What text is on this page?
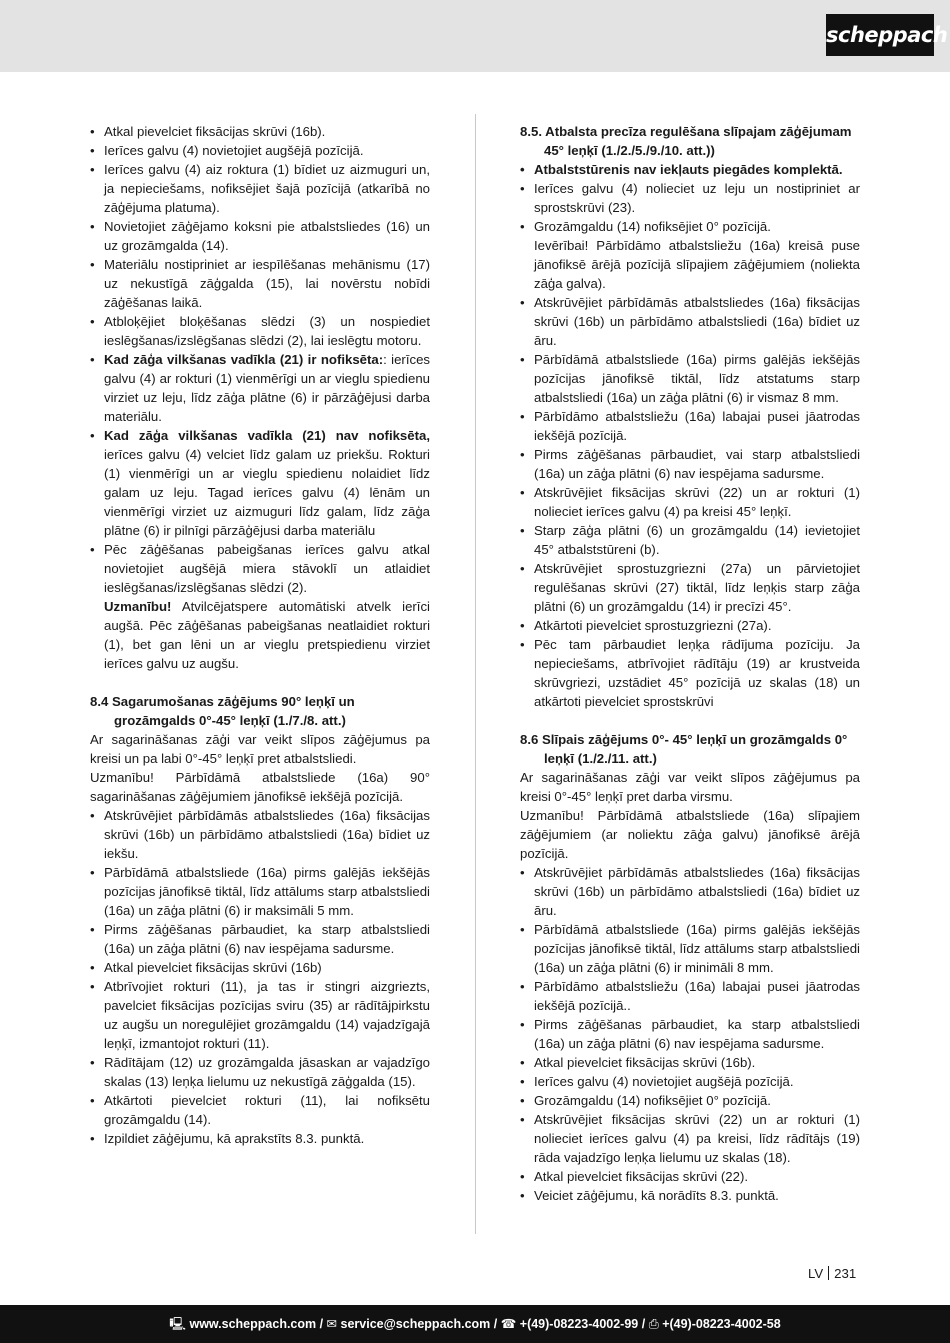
scheppach
• Atkal pievelciet fiksācijas skrūvi (16b).
• Ierīces galvu (4) novietojiet augšējā pozīcijā.
• Ierīces galvu (4) aiz roktura (1) bīdiet uz aizmuguri un, ja nepieciešams, nofiksējiet šajā pozīcijā (atkarībā no zāģējuma platuma).
• Novietojiet zāģējamo koksni pie atbalstsliedes (16) un uz grozāmgalda (14).
• Materiālu nostipriniet ar iespīlēšanas mehānismu (17) uz nekustīgā zāģgalda (15), lai novērstu nobīdi zāģēšanas laikā.
• Atbloķējiet bloķēšanas slēdzi (3) un nospiediet ieslēgšanas/izslēgšanas slēdzi (2), lai ieslēgtu motoru.
• Kad zāģa vilkšanas vadīkla (21) ir nofiksēta:: ierīces galvu (4) ar rokturi (1) vienmērīgi un ar vieglu spiedienu virziet uz leju, līdz zāģa plātne (6) ir pārzāģējusi darba materiālu.
• Kad zāģa vilkšanas vadīkla (21) nav nofiksēta, ierīces galvu (4) velciet līdz galam uz priekšu. Rokturi (1) vienmērīgi un ar vieglu spiedienu nolaidiet līdz galam uz leju. Tagad ierīces galvu (4) lēnām un vienmērīgi virziet uz aizmuguri līdz galam, līdz zāģa plātne (6) ir pilnīgi pārzāģējusi darba materiālu
• Pēc zāģēšanas pabeigšanas ierīces galvu atkal novietojiet augšējā miera stāvoklī un atlaidiet ieslēgšanas/izslēgšanas slēdzi (2).
Uzmanību! Atvilcējatspere automātiski atvelk ierīci augšā. Pēc zāģēšanas pabeigšanas neatlaidiet rokturi (1), bet gan lēni un ar vieglu pretspiedienu virziet ierīces galvu uz augšu.
8.4 Sagarumošanas zāģējums 90° leņķī un grozāmgalds 0°-45° leņķī (1./7./8. att.)

Ar sagarināšanas zāģi var veikt slīpos zāģējumus pa kreisi un pa labi 0°-45° leņķī pret atbalstsliedi.

Uzmanību! Pārbīdāmā atbalstsliede (16a) 90° sagarināšanas zāģējumiem jānofiksē iekšējā pozīcijā.

• Atskrūvējiet pārbīdāmās atbalstsliedes (16a) fiksācijas skrūvi (16b) un pārbīdāmo atbalstsliedi (16a) bīdiet uz iekšu.
• Pārbīdāmā atbalstsliede (16a) pirms galējās iekšējās pozīcijas jānofiksē tiktāl, līdz attālums starp atbalstsliedi (16a) un zāģa plātni (6) ir maksimāli 5 mm.
• Pirms zāģēšanas pārbaudiet, ka starp atbalstsliedi (16a) un zāģa plātni (6) nav iespējama sadursme.
• Atkal pievelciet fiksācijas skrūvi (16b)
• Atbrīvojiet rokturi (11), ja tas ir stingri aizgriezts, pavelciet fiksācijas pozīcijas sviru (35) ar rādītājpirkstu uz augšu un noregulējiet grozāmgaldu (14) vajadzīgajā leņķī, izmantojot rokturi (11).
• Rādītājam (12) uz grozāmgalda jāsaskan ar vajadzīgo skalas (13) leņķa lielumu uz nekustīgā zāģgalda (15).
• Atkārtoti pievelciet rokturi (11), lai nofiksētu grozāmgaldu (14).
• Izpildiet zāģējumu, kā aprakstīts 8.3. punktā.
8.5. Atbalsta precīza regulēšana slīpajam zāģējumam 45° leņķī (1./2./5./9./10. att.))
• Atbalststūrenis nav iekļauts piegādes komplektā.
• Ierīces galvu (4) nolieciet uz leju un nostipriniet ar sprostskrūvi (23).
• Grozāmgaldu (14) nofiksējiet 0° pozīcijā.
Ievērībai! Pārbīdāmo atbalstsliežu (16a) kreisā puse jānofiksē ārējā pozīcijā slīpajiem zāģējumiem (noliekta zāģa galva).
• Atskrūvējiet pārbīdāmās atbalstsliedes (16a) fiksācijas skrūvi (16b) un pārbīdāmo atbalstsliedi (16a) bīdiet uz āru.
• Pārbīdāmā atbalstsliede (16a) pirms galējās iekšējās pozīcijas jānofiksē tiktāl, līdz atstatums starp atbalstsliedi (16a) un zāģa plātni (6) ir vismaz 8 mm.
• Pārbīdāmo atbalstsliežu (16a) labajai pusei jāatrodas iekšējā pozīcijā.
• Pirms zāģēšanas pārbaudiet, vai starp atbalstsliedi (16a) un zāģa plātni (6) nav iespējama sadursme.
• Atskrūvējiet fiksācijas skrūvi (22) un ar rokturi (1) nolieciet ierīces galvu (4) pa kreisi 45° leņķī.
• Starp zāģa plātni (6) un grozāmgaldu (14) ievietojiet 45° atbalststūreni (b).
• Atskrūvējiet sprostuzgriezni (27a) un pārvietojiet regulēšanas skrūvi (27) tiktāl, līdz leņķis starp zāģa plātni (6) un grozāmgaldu (14) ir precīzi 45°.
• Atkārtoti pievelciet sprostuzgriezni (27a).
• Pēc tam pārbaudiet leņķa rādījuma pozīciju. Ja nepieciešams, atbrīvojiet rādītāju (19) ar krustveida skrūvgriezi, uzstādiet 45° pozīcijā uz skalas (18) un atkārtoti pievelciet sprostskrūvi
8.6 Slīpais zāģējums 0°- 45° leņķī un grozāmgalds 0° leņķī (1./2./11. att.)

Ar sagarināšanas zāģi var veikt slīpos zāģējumus pa kreisi 0°-45° leņķī pret darba virsmu.

Uzmanību! Pārbīdāmā atbalstsliede (16a) slīpajiem zāģējumiem (ar noliektu zāģa galvu) jānofiksē ārējā pozīcijā.

• Atskrūvējiet pārbīdāmās atbalstsliedes (16a) fiksācijas skrūvi (16b) un pārbīdāmo atbalstsliedi (16a) bīdiet uz āru.
• Pārbīdāmā atbalstsliede (16a) pirms galējās iekšējās pozīcijas jānofiksē tiktāl, līdz attālums starp atbalstsliedi (16a) un zāģa plātni (6) ir minimāli 8 mm.
• Pārbīdāmo atbalstsliežu (16a) labajai pusei jāatrodas iekšējā pozīcijā..
• Pirms zāģēšanas pārbaudiet, ka starp atbalstsliedi (16a) un zāģa plātni (6) nav iespējama sadursme.
• Atkal pievelciet fiksācijas skrūvi (16b).
• Ierīces galvu (4) novietojiet augšējā pozīcijā.
• Grozāmgaldu (14) nofiksējiet 0° pozīcijā.
• Atskrūvējiet fiksācijas skrūvi (22) un ar rokturi (1) nolieciet ierīces galvu (4) pa kreisi, līdz rādītājs (19) rāda vajadzīgo leņķa lielumu uz skalas (18).
• Atkal pievelciet fiksācijas skrūvi (22).
• Veiciet zāģējumu, kā norādīts 8.3. punktā.
LV 231
🖳 www.scheppach.com / ✉ service@scheppach.com / ☎ +(49)-08223-4002-99 / ⎙ +(49)-08223-4002-58
